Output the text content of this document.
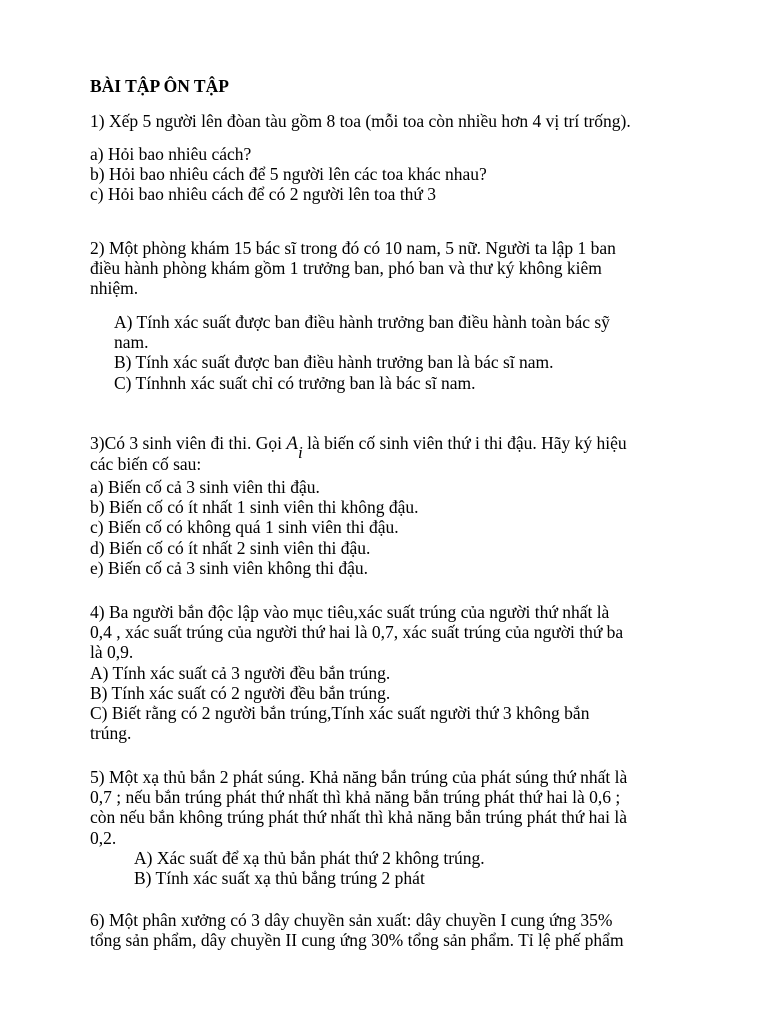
BÀI TẬP ÔN TẬP
1) Xếp 5 người lên đòan tàu gồm 8 toa (mỗi toa còn nhiều hơn 4 vị trí trống).
a) Hỏi bao nhiêu cách?
b) Hỏi bao nhiêu cách để 5 người lên các toa khác nhau?
c) Hỏi bao nhiêu cách để có 2 người lên toa thứ 3
2) Một phòng khám 15 bác sĩ trong đó có 10 nam, 5 nữ. Người ta lập 1 ban
điều hành phòng khám gồm 1 trưởng ban, phó ban và thư ký không kiêm
nhiệm.
A) Tính xác suất được ban điều hành trưởng ban điều hành toàn bác sỹ
nam.
B) Tính xác suất được ban điều hành trưởng ban là bác sĩ nam.
C) Tínhnh xác suất chỉ có trưởng ban là bác sĩ nam.
3)Có 3 sinh viên đi thi. Gọi Ai là biến cố sinh viên thứ i thi đậu. Hãy ký hiệu
các biến cố sau:
a) Biến cố cả 3 sinh viên thi đậu.
b) Biến cố có ít nhất 1 sinh viên thi không đậu.
c) Biến cố có không quá 1 sinh viên thi đậu.
d) Biến cố có ít nhất 2 sinh viên thi đậu.
e) Biến cố cả 3 sinh viên không thi đậu.
4) Ba người bắn độc lập vào mục tiêu,xác suất trúng của người thứ nhất là
0,4 , xác suất trúng của người thứ hai là 0,7, xác suất trúng của người thứ ba
là 0,9.
A) Tính xác suất cả 3 người đều bắn trúng.
B) Tính xác suất có 2 người đều bắn trúng.
C) Biết rằng có 2 người bắn trúng,Tính xác suất người thứ 3 không bắn
trúng.
5) Một xạ thủ bắn 2 phát súng. Khả năng bắn trúng của phát súng thứ nhất là
0,7 ; nếu bắn trúng phát thứ nhất thì khả năng bắn trúng phát thứ hai là 0,6 ;
còn nếu bắn không trúng phát thứ nhất thì khả năng bắn trúng phát thứ hai là
0,2.
A) Xác suất để xạ thủ bắn phát thứ 2 không trúng.
B) Tính xác suất xạ thủ bắng trúng 2 phát
6) Một phân xưởng có 3 dây chuyền sản xuất: dây chuyền I cung ứng 35%
tổng sản phẩm, dây chuyền II cung ứng 30% tổng sản phẩm. Tỉ lệ phế phẩm
